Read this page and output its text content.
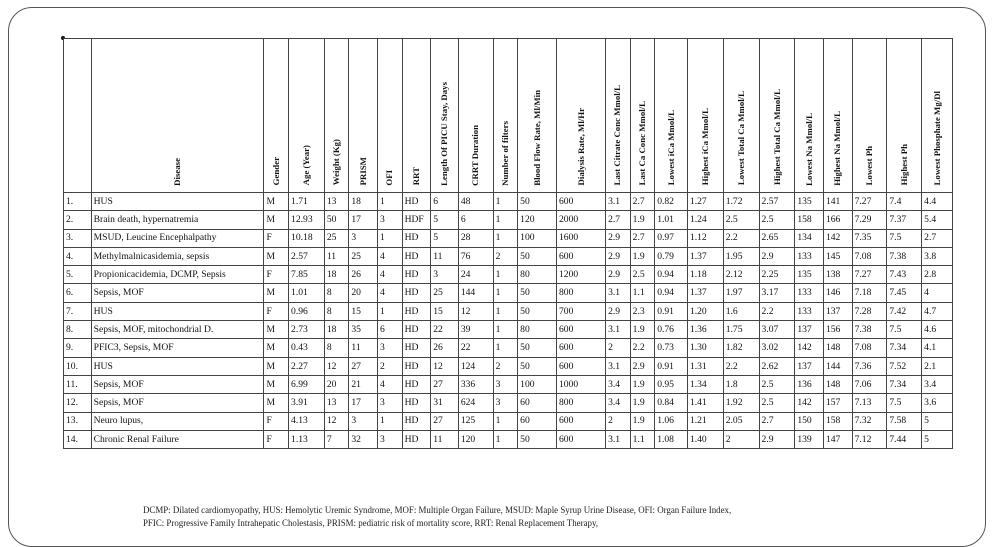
	Disease	Gender	Age (Year)	Weight (Kg)	PRISM	OFI	RRT	Length Of PICU Stay, Days	CRRT Duration	Number of filters	Blood Flow Rate, Ml/Min	Dialysis Rate, Ml/Hr	Last Citrate Conc Mmol/L	Last Ca Conc Mmol/L	Lowest iCa Mmol/L	Highest iCa Mmol/L	Lowest Total Ca Mmol/L	Highest Total Ca Mmol/L	Lowest Na Mmol/L	Highest Na Mmol/L	Lowest Ph	Highest Ph	Lowest Phosphate Mg/Dl
1.	HUS	M	1.71	13	18	1	HD	6	48	1	50	600	3.1	2.7	0.82	1.27	1.72	2.57	135	141	7.27	7.4	4.4
2.	Brain death, hypernatremia	M	12.93	50	17	3	HDF	5	6	1	120	2000	2.7	1.9	1.01	1.24	2.5	2.5	158	166	7.29	7.37	5.4
3.	MSUD, Leucine Encephalpathy	F	10.18	25	3	1	HD	5	28	1	100	1600	2.9	2.7	0.97	1.12	2.2	2.65	134	142	7.35	7.5	2.7
4.	Methylmalnicasidemia, sepsis	M	2.57	11	25	4	HD	11	76	2	50	600	2.9	1.9	0.79	1.37	1.95	2.9	133	145	7.08	7.38	3.8
5.	Propionicacidemia, DCMP, Sepsis	F	7.85	18	26	4	HD	3	24	1	80	1200	2.9	2.5	0.94	1.18	2.12	2.25	135	138	7.27	7.43	2.8
6.	Sepsis, MOF	M	1.01	8	20	4	HD	25	144	1	50	800	3.1	1.1	0.94	1.37	1.97	3.17	133	146	7.18	7.45	4
7.	HUS	F	0.96	8	15	1	HD	15	12	1	50	700	2.9	2.3	0.91	1.20	1.6	2.2	133	137	7.28	7.42	4.7
8.	Sepsis, MOF, mitochondrial D.	M	2.73	18	35	6	HD	22	39	1	80	600	3.1	1.9	0.76	1.36	1.75	3.07	137	156	7.38	7.5	4.6
9.	PFIC3, Sepsis, MOF	M	0.43	8	11	3	HD	26	22	1	50	600	2	2.2	0.73	1.30	1.82	3.02	142	148	7.08	7.34	4.1
10.	HUS	M	2.27	12	27	2	HD	12	124	2	50	600	3.1	2.9	0.91	1.31	2.2	2.62	137	144	7.36	7.52	2.1
11.	Sepsis, MOF	M	6.99	20	21	4	HD	27	336	3	100	1000	3.4	1.9	0.95	1.34	1.8	2.5	136	148	7.06	7.34	3.4
12.	Sepsis, MOF	M	3.91	13	17	3	HD	31	624	3	60	800	3.4	1.9	0.84	1.41	1.92	2.5	142	157	7.13	7.5	3.6
13.	Neuro lupus,	F	4.13	12	3	1	HD	27	125	1	60	600	2	1.9	1.06	1.21	2.05	2.7	150	158	7.32	7.58	5
14.	Chronic Renal Failure	F	1.13	7	32	3	HD	11	120	1	50	600	3.1	1.1	1.08	1.40	2	2.9	139	147	7.12	7.44	5
DCMP: Dilated cardiomyopathy, HUS: Hemolytic Uremic Syndrome, MOF: Multiple Organ Failure, MSUD: Maple Syrup Urine Disease, OFI: Organ Failure Index,
PFIC: Progressive Family Intrahepatic Cholestasis, PRISM: pediatric risk of mortality score, RRT: Renal Replacement Therapy,
